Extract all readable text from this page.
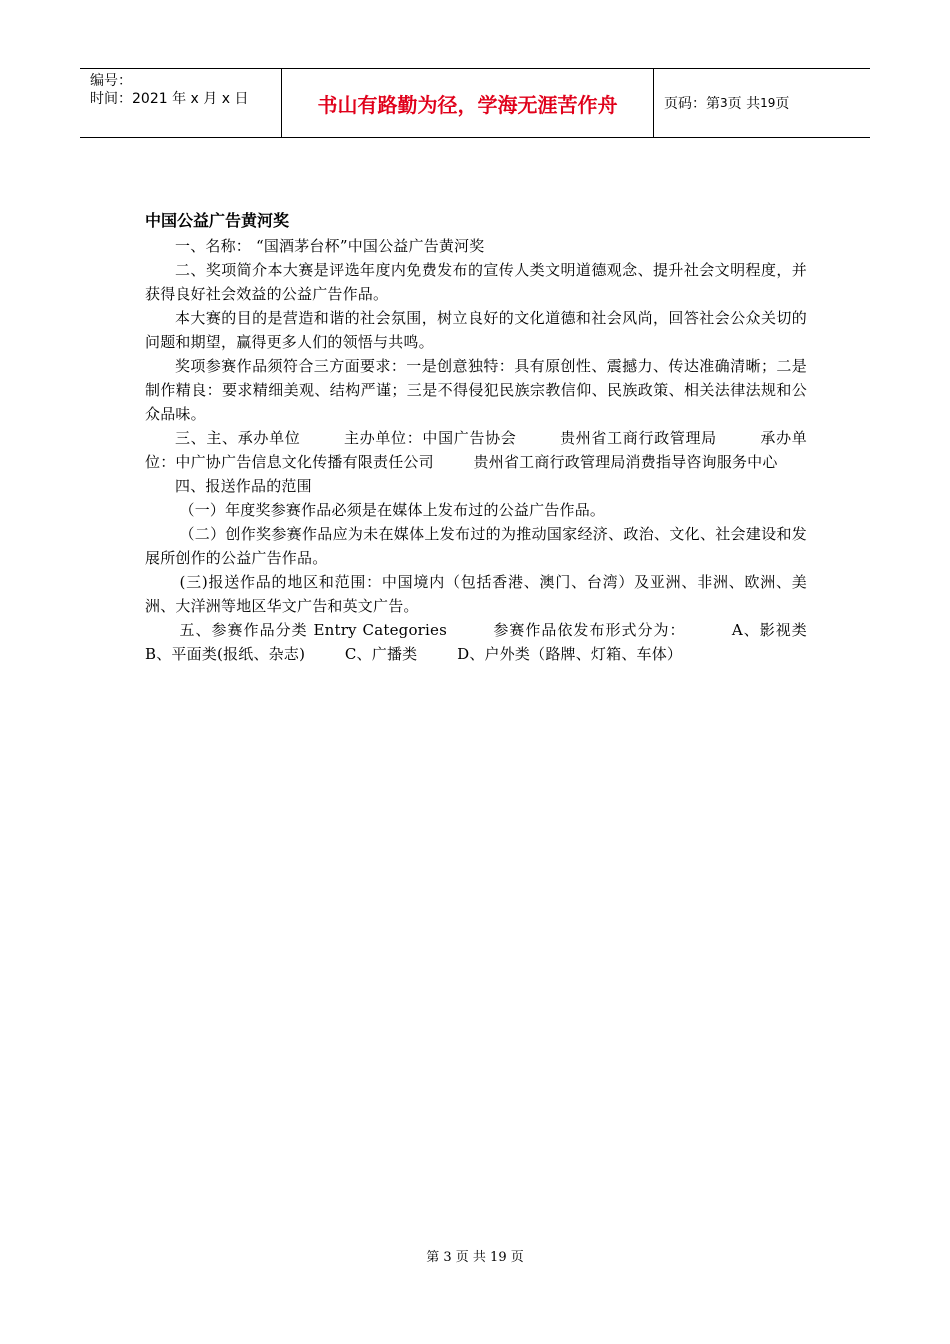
编号：
时间：2021 年 x 月 x 日	书山有路勤为径，学海无涯苦作舟	页码：第 3 页 共 19 页
中国公益广告黄河奖

一、名称： “国酒茅台杯”中国公益广告黄河奖

二、奖项简介本大赛是评选年度内免费发布的宣传人类文明道德观念、提升社会文明程度，并获得良好社会效益的公益广告作品。

本大赛的目的是营造和谐的社会氛围，树立良好的文化道德和社会风尚，回答社会公众关切的问题和期望，赢得更多人们的领悟与共鸣。

奖项参赛作品须符合三方面要求：一是创意独特：具有原创性、震撼力、传达准确清晰；二是制作精良：要求精细美观、结构严谨；三是不得侵犯民族宗教信仰、民族政策、相关法律法规和公众品味。

三、主、承办单位        主办单位：中国广告协会        贵州省工商行政管理局        承办单位：中广协广告信息文化传播有限责任公司        贵州省工商行政管理局消费指导咨询服务中心

四、报送作品的范围

（一）年度奖参赛作品必须是在媒体上发布过的公益广告作品。

（二）创作奖参赛作品应为未在媒体上发布过的为推动国家经济、政治、文化、社会建设和发展所创作的公益广告作品。

(三)报送作品的地区和范围：中国境内（包括香港、澳门、台湾）及亚洲、非洲、欧洲、美洲、大洋洲等地区华文广告和英文广告。

五、参赛作品分类 Entry Categories        参赛作品依发布形式分为：        A、影视类        B、平面类(报纸、杂志)        C、广播类        D、户外类（路牌、灯箱、车体）

第 3 页 共 19 页
